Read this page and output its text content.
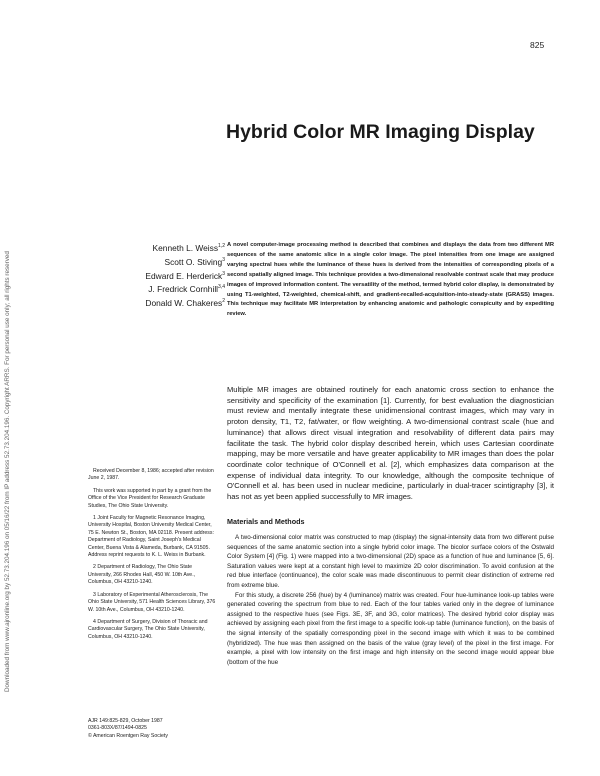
Downloaded from www.ajronline.org by 52.73.204.196 on 05/16/22 from IP address 52.73.204.196. Copyright ARRS. For personal use only; all rights reserved
825
Hybrid Color MR Imaging Display
Kenneth L. Weiss$^{1,2}$
Scott O. Stiving$^3$
Edward E. Herderick$^3$
J. Fredrick Cornhill$^{3,4}$
Donald W. Chakeres$^2$

A novel computer-image processing method is described that combines and displays the data from two different MR sequences of the same anatomic slice in a single color image. The pixel intensities from one image are assigned varying spectral hues while the luminance of these hues is derived from the intensities of corresponding pixels of a second spatially aligned image. This technique provides a two-dimensional resolvable contrast scale that may produce images of improved information content. The versatility of the method, termed hybrid color display, is demonstrated by using T1-weighted, T2-weighted, chemical-shift, and gradient-recalled-acquisition-into-steady-state (GRASS) images. This technique may facilitate MR interpretation by enhancing anatomic and pathologic conspicuity and by expediting review.

Multiple MR images are obtained routinely for each anatomic cross section to enhance the sensitivity and specificity of the examination [1]. Currently, for best evaluation the diagnostician must review and mentally integrate these unidimensional contrast images, which may vary in proton density, T1, T2, fat/water, or flow weighting. A two-dimensional contrast scale (hue and luminance) that allows direct visual integration and resolvability of different data pairs may facilitate the task. The hybrid color display described herein, which uses Cartesian coordinate mapping, may be more versatile and have greater applicability to MR images than does the polar coordinate color technique of O'Connell et al. [2], which emphasizes data comparison at the expense of individual data integrity. To our knowledge, although the composite technique of O'Connell et al. has been used in nuclear medicine, particularly in dual-tracer scintigraphy [3], it has not as yet been applied successfully to MR images.

Materials and Methods

A two-dimensional color matrix was constructed to map (display) the signal-intensity data from two different pulse sequences of the same anatomic section into a single hybrid color image. The bicolor surface colors of the Ostwald Color System [4] (Fig. 1) were mapped into a two-dimensional (2D) space as a function of hue and luminance [5, 6]. Saturation values were kept at a constant high level to maximize 2D color discrimination. To avoid confusion at the red blue interface (continuance), the color scale was made discontinuous to permit clear distinction of extreme red from extreme blue.

For this study, a discrete 256 (hue) by 4 (luminance) matrix was created. Four hue-luminance look-up tables were generated covering the spectrum from blue to red. Each of the four tables varied only in the degree of luminance assigned to the respective hues (see Figs. 3E, 3F, and 3G, color matrices). The desired hybrid color display was achieved by assigning each pixel from the first image to a specific look-up table (luminance function), on the basis of the signal intensity of the spatially corresponding pixel in the second image with which it was to be combined (hybridized). The hue was then assigned on the basis of the value (gray level) of the pixel in the first image. For example, a pixel with low intensity on the first image and high intensity on the second image would appear blue (bottom of the hue

Received December 8, 1986; accepted after revision June 2, 1987.

This work was supported in part by a grant from the Office of the Vice President for Research Graduate Studies, The Ohio State University.

1 Joint Faculty for Magnetic Resonance Imaging, University Hospital, Boston University Medical Center, 75 E. Newton St., Boston, MA 02118. Present address: Department of Radiology, Saint Joseph's Medical Center, Buena Vista & Alameda, Burbank, CA 91505. Address reprint requests to K. L. Weiss in Burbank.

2 Department of Radiology, The Ohio State University, 266 Rhodes Hall, 450 W. 10th Ave., Columbus, OH 43210-1240.

3 Laboratory of Experimental Atherosclerosis, The Ohio State University, 571 Health Sciences Library, 376 W. 10th Ave., Columbus, OH 43210-1240.

4 Department of Surgery, Division of Thoracic and Cardiovascular Surgery, The Ohio State University, Columbus, OH 43210-1240.

AJR 149:825-829, October 1987
0361-803X/87/1494-0825
© American Roentgen Ray Society
